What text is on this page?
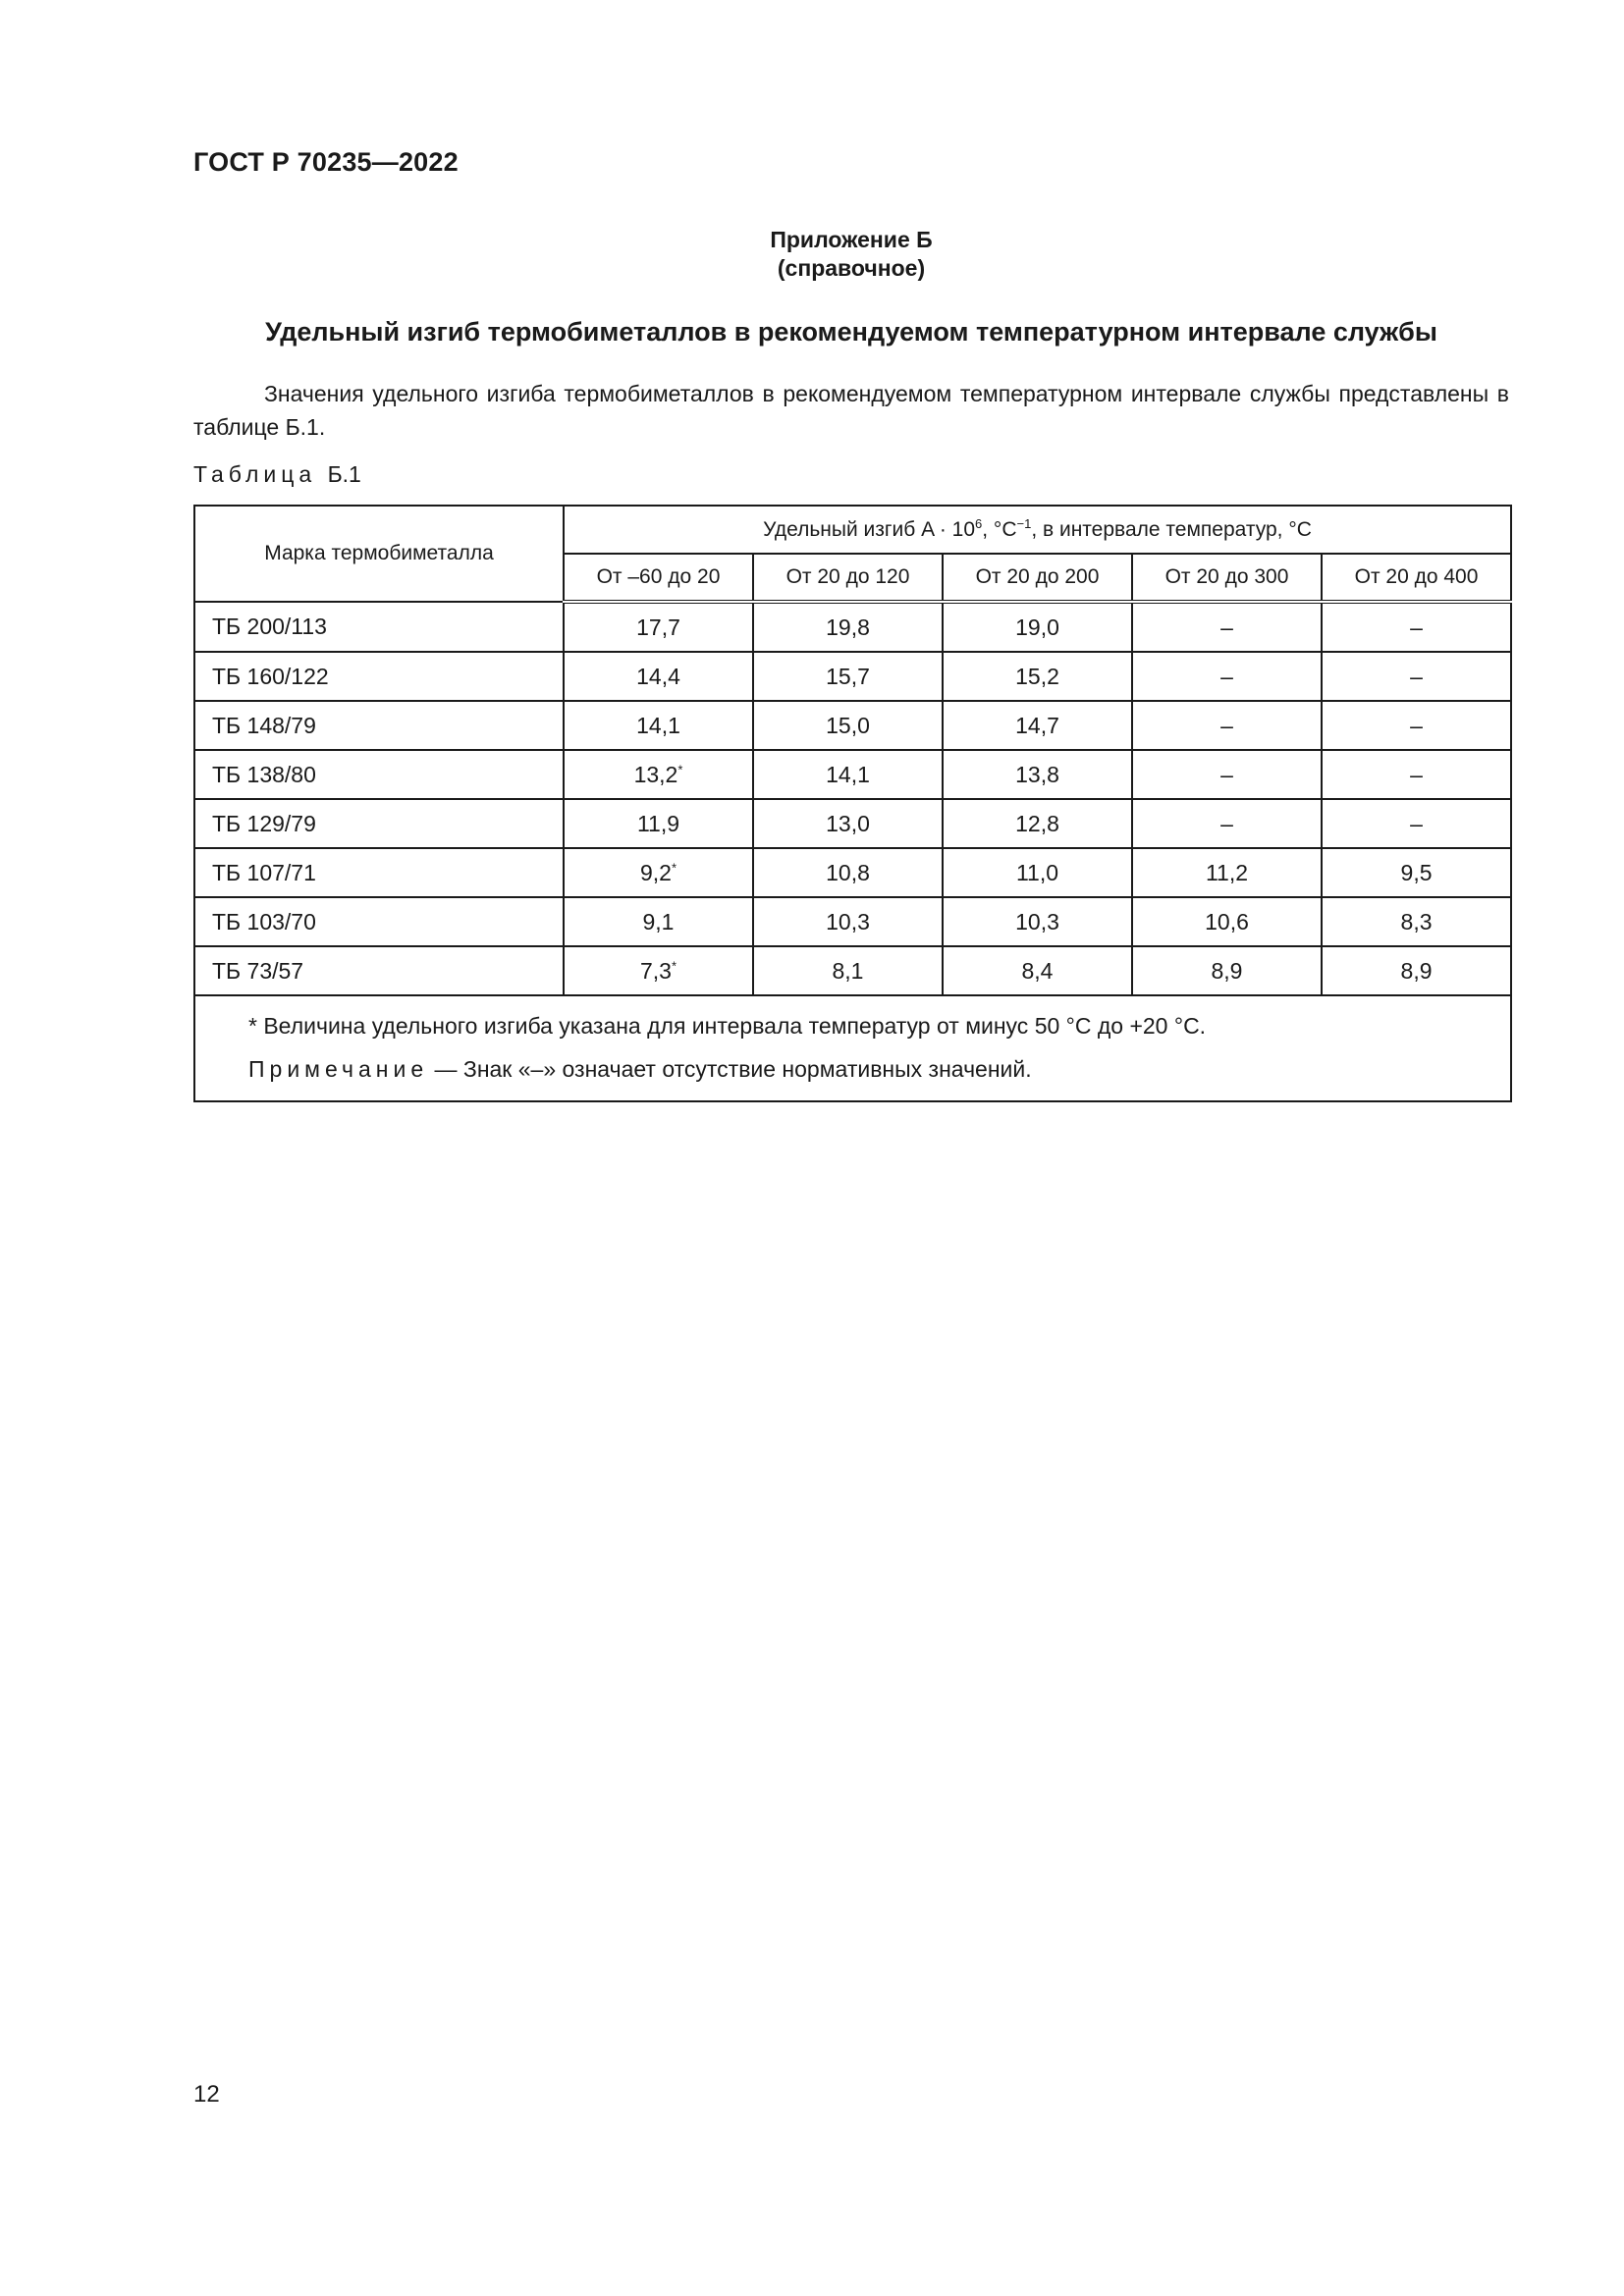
ГОСТ Р 70235—2022
Приложение Б
(справочное)
Удельный изгиб термобиметаллов в рекомендуемом температурном интервале службы
Значения удельного изгиба термобиметаллов в рекомендуемом температурном интервале службы представлены в таблице Б.1.
Таблица Б.1
Марка термобиметалла	Удельный изгиб $A \cdot 10^6$, $^\circ C^{-1}$, в интервале температур, °C				
	От –60 до 20	От 20 до 120	От 20 до 200	От 20 до 300	От 20 до 400
ТБ 200/113	17,7	19,8	19,0	–	–
ТБ 160/122	14,4	15,7	15,2	–	–
ТБ 148/79	14,1	15,0	14,7	–	–
ТБ 138/80	13,2*	14,1	13,8	–	–
ТБ 129/79	11,9	13,0	12,8	–	–
ТБ 107/71	9,2*	10,8	11,0	11,2	9,5
ТБ 103/70	9,1	10,3	10,3	10,6	8,3
ТБ 73/57	7,3*	8,1	8,4	8,9	8,9

* Величина удельного изгиба указана для интервала температур от минус 50 °С до +20 °С.
Примечание — Знак «–» означает отсутствие нормативных значений.					
12
